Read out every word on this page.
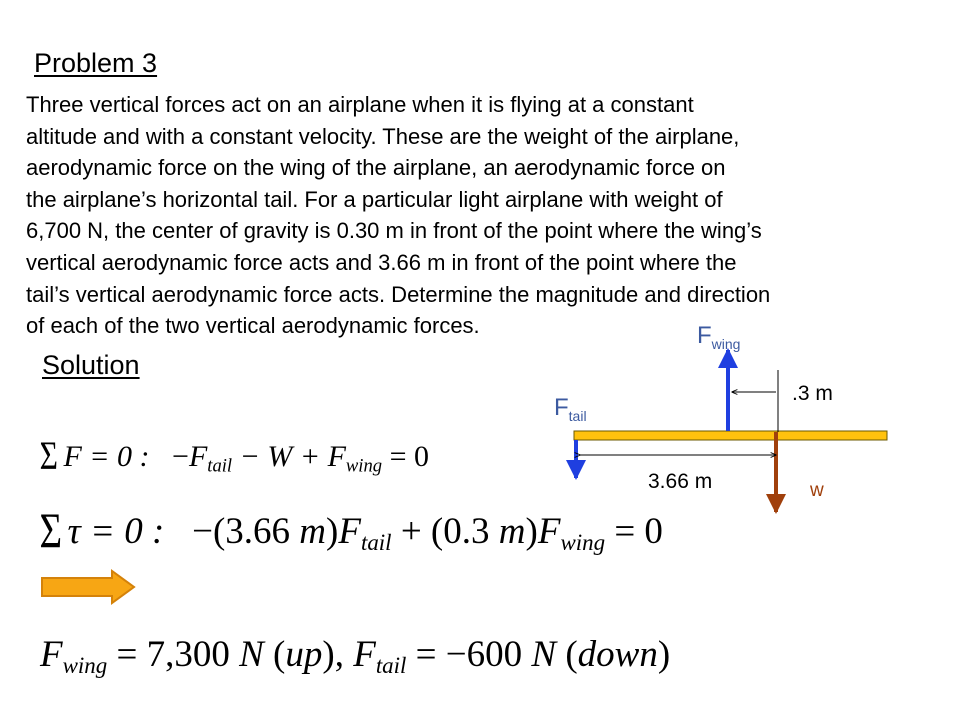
Problem 3
Three vertical forces act on an airplane when it is flying at a constant
altitude and with a constant velocity. These are the weight of the airplane,
aerodynamic force on the wing of the airplane, an aerodynamic force on
the airplane’s horizontal tail. For a particular light airplane with weight of
6,700 N, the center of gravity is 0.30 m in front of the point where the wing’s
vertical aerodynamic force acts and 3.66 m in front of the point where the
tail’s vertical aerodynamic force acts. Determine the magnitude and direction
of each of the two vertical aerodynamic forces.
Solution
$F_{wing}$
$F_{tail}$
.3 m
3.66 m	w
Σ F = 0 : $-F_{tail} - W + F_{wing} = 0$
Σ τ = 0 : −(3.66 $m)F_{tail} + (0.3$ $m)F_{wing} = 0$
$F_{wing} = 7,300$ N (up), $F_{tail} = -600$ N (down)
